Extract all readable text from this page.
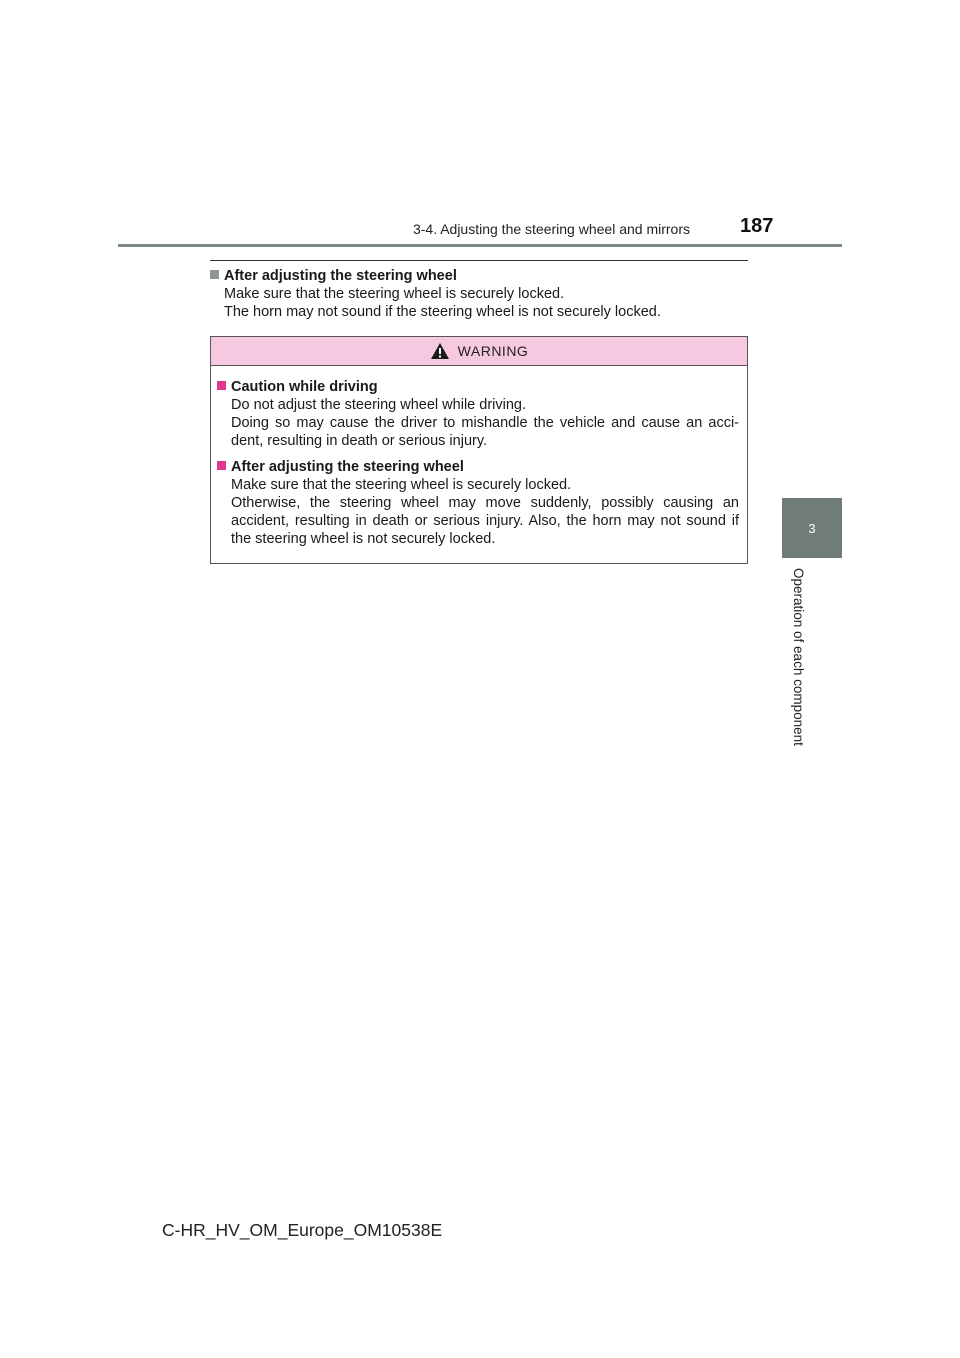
3-4. Adjusting the steering wheel and mirrors	187
3
Operation of each component
After adjusting the steering wheel
Make sure that the steering wheel is securely locked.
The horn may not sound if the steering wheel is not securely locked.
WARNING
Caution while driving
Do not adjust the steering wheel while driving.
Doing so may cause the driver to mishandle the vehicle and cause an acci-dent, resulting in death or serious injury.
After adjusting the steering wheel
Make sure that the steering wheel is securely locked.
Otherwise, the steering wheel may move suddenly, possibly causing an accident, resulting in death or serious injury. Also, the horn may not sound if the steering wheel is not securely locked.
C-HR_HV_OM_Europe_OM10538E
